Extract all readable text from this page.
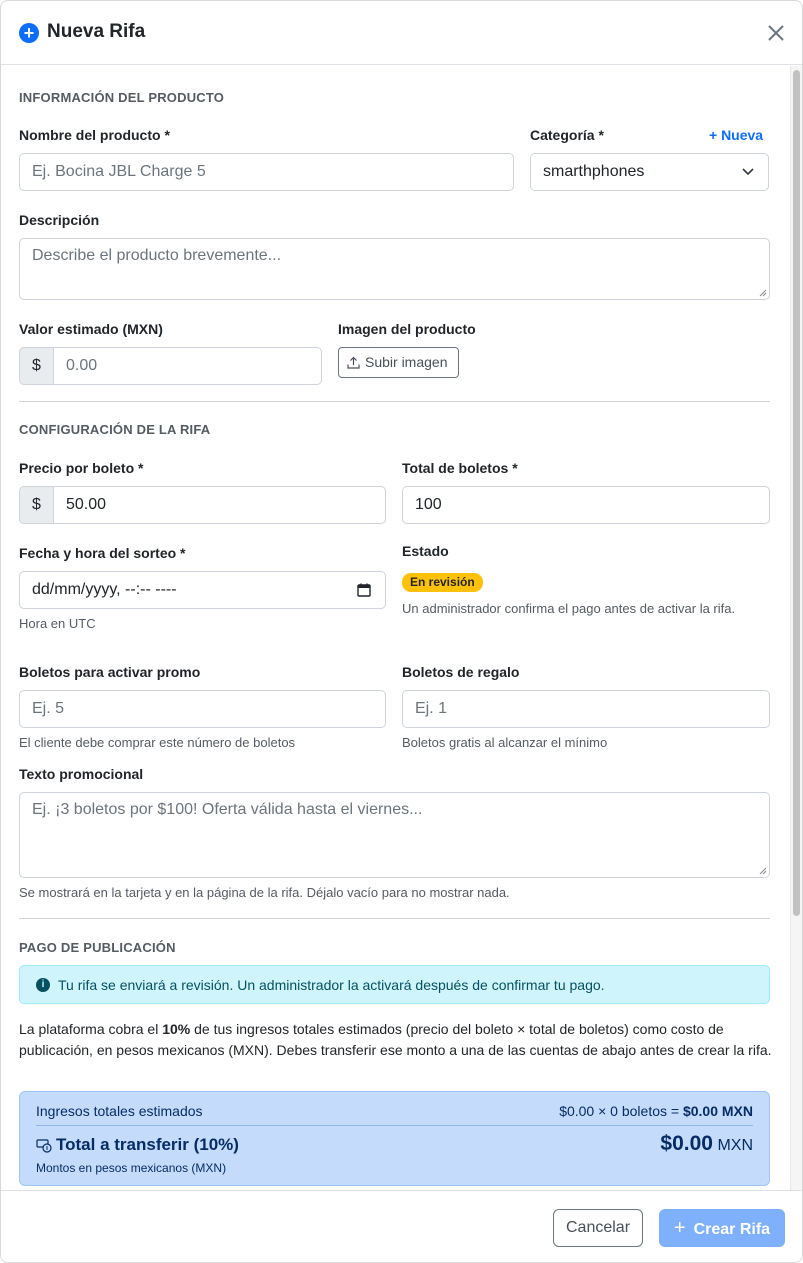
+ Nueva Rifa
INFORMACIÓN DEL PRODUCTO
Nombre del producto *
Ej. Bocina JBL Charge 5
Categoría *	+ Nueva
smarthphones
Descripción
Describe el producto brevemente...
Valor estimado (MXN)
$	0.00
Imagen del producto
Subir imagen
CONFIGURACIÓN DE LA RIFA
Precio por boleto *
$	50.00
Total de boletos *
100
Fecha y hora del sorteo *
dd/mm/yyyy, --:-- ----
Hora en UTC
Estado
En revisión
Un administrador confirma el pago antes de activar la rifa.
Boletos para activar promo
Ej. 5
El cliente debe comprar este número de boletos
Boletos de regalo
Ej. 1
Boletos gratis al alcanzar el mínimo
Texto promocional
Ej. ¡3 boletos por $100! Oferta válida hasta el viernes...
Se mostrará en la tarjeta y en la página de la rifa. Déjalo vacío para no mostrar nada.
PAGO DE PUBLICACIÓN
i Tu rifa se enviará a revisión. Un administrador la activará después de confirmar tu pago.
La plataforma cobra el 10% de tus ingresos totales estimados (precio del boleto × total de boletos) como costo de publicación, en pesos mexicanos (MXN). Debes transferir ese monto a una de las cuentas de abajo antes de crear la rifa.
Ingresos totales estimados	$0.00 × 0 boletos = $0.00 MXN
Total a transferir (10%)	$0.00 MXN
Montos en pesos mexicanos (MXN)
Cancelar	+ Crear Rifa
